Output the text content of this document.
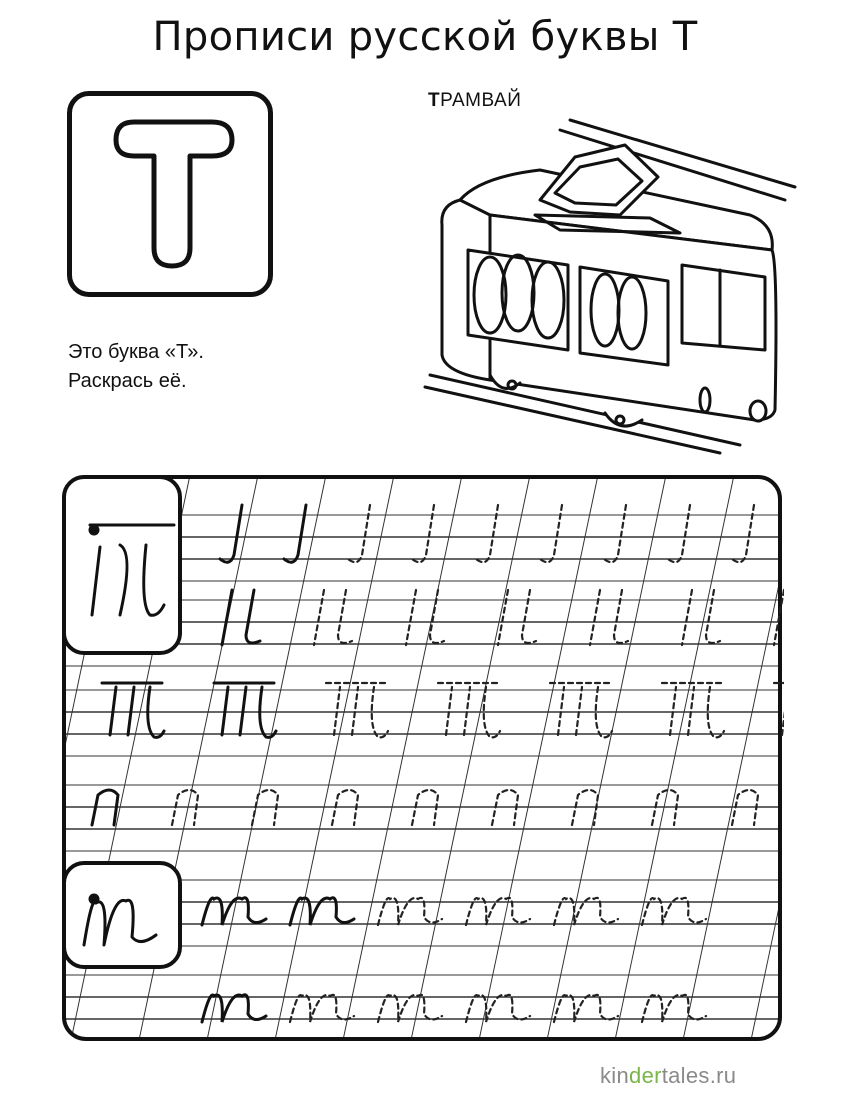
Прописи русской буквы Т
Это буква «Т».
Раскрась её.
ТРАМВАЙ
kindertales.ru
